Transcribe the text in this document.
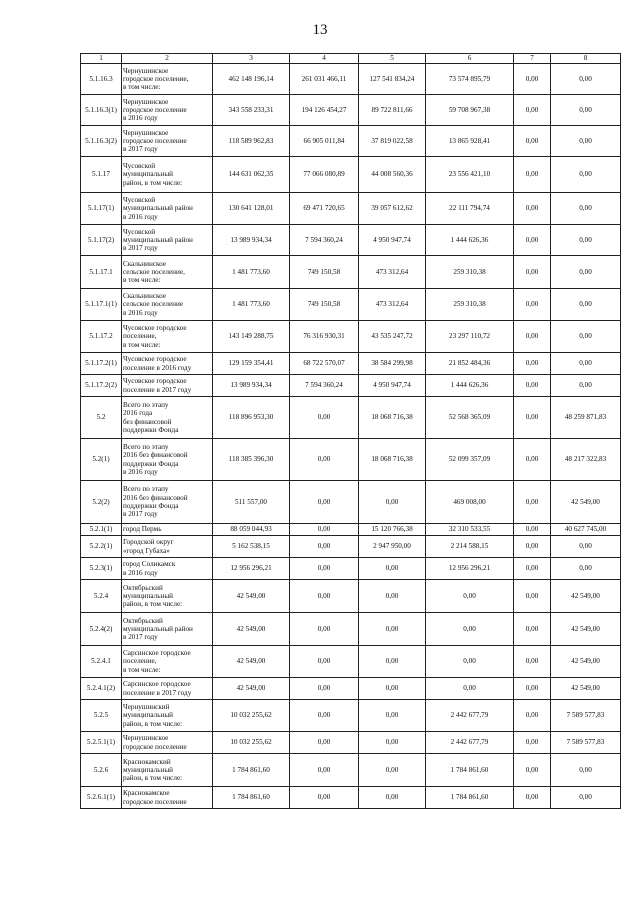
13
1	2	3	4	5	6	7	8
5.1.16.3	Чернушинское
городское поселение,
в том числе:	462 148 196,14	261 031 466,11	127 541 834,24	73 574 895,79	0,00	0,00
5.1.16.3(1)	Чернушинское
городское поселение
в 2016 году	343 558 233,31	194 126 454,27	89 722 811,66	59 708 967,38	0,00	0,00
5.1.16.3(2)	Чернушинское
городское поселение
в 2017 году	118 589 962,83	66 905 011,84	37 819 022,58	13 865 928,41	0,00	0,00
5.1.17	Чусовской
муниципальный
район, в том числе:	144 631 062,35	77 066 080,89	44 008 560,36	23 556 421,10	0,00	0,00
5.1.17(1)	Чусовской
муниципальный район
в 2016 году	130 641 128,01	69 471 720,65	39 057 612,62	22 111 794,74	0,00	0,00
5.1.17(2)	Чусовской
муниципальный район
в 2017 году	13 989 934,34	7 594 360,24	4 950 947,74	1 444 626,36	0,00	0,00
5.1.17.1	Скальнинское
сельское поселение,
в том числе:	1 481 773,60	749 150,58	473 312,64	259 310,38	0,00	0,00
5.1.17.1(1)	Скальнинское
сельское поселение
в 2016 году	1 481 773,60	749 150,58	473 312,64	259 310,38	0,00	0,00
5.1.17.2	Чусовское городское
поселение,
в том числе:	143 149 288,75	76 316 930,31	43 535 247,72	23 297 110,72	0,00	0,00
5.1.17.2(1)	Чусовское городское
поселение в 2016 году	129 159 354,41	68 722 570,07	38 584 299,98	21 852 484,36	0,00	0,00
5.1.17.2(2)	Чусовское городское
поселение в 2017 году	13 989 934,34	7 594 360,24	4 950 947,74	1 444 626,36	0,00	0,00
5.2	Всего по этапу
2016 года
без финансовой
поддержки Фонда	118 896 953,30	0,00	18 068 716,38	52 568 365,09	0,00	48 259 871,83
5.2(1)	Всего по этапу
2016 без финансовой
поддержки Фонда
в 2016 году	118 385 396,30	0,00	18 068 716,38	52 099 357,09	0,00	48 217 322,83
5.2(2)	Всего по этапу
2016 без финансовой
поддержки Фонда
в 2017 году	511 557,00	0,00	0,00	469 008,00	0,00	42 549,00
5.2.1(1)	город Пермь	88 059 044,93	0,00	15 120 766,38	32 310 533,55	0,00	40 627 745,00
5.2.2(1)	Городской округ
«город Губаха»	5 162 538,15	0,00	2 947 950,00	2 214 588,15	0,00	0,00
5.2.3(1)	город Соликамск
в 2016 году	12 956 296,21	0,00	0,00	12 956 296,21	0,00	0,00
5.2.4	Октябрьский
муниципальный
район, в том числе:	42 549,00	0,00	0,00	0,00	0,00	42 549,00
5.2.4(2)	Октябрьский
муниципальный район
в 2017 году	42 549,00	0,00	0,00	0,00	0,00	42 549,00
5.2.4.1	Сарсинское городское
поселение,
в том числе:	42 549,00	0,00	0,00	0,00	0,00	42 549,00
5.2.4.1(2)	Сарсинское городское
поселение в 2017 году	42 549,00	0,00	0,00	0,00	0,00	42 549,00
5.2.5	Чернушинский
муниципальный
район, в том числе:	10 032 255,62	0,00	0,00	2 442 677,79	0,00	7 589 577,83
5.2.5.1(1)	Чернушинское
городское поселение	10 032 255,62	0,00	0,00	2 442 677,79	0,00	7 589 577,83
5.2.6	Краснокамский
муниципальный
район, в том числе:	1 784 861,60	0,00	0,00	1 784 861,60	0,00	0,00
5.2.6.1(1)	Краснокамское
городское поселение	1 784 861,60	0,00	0,00	1 784 861,60	0,00	0,00
